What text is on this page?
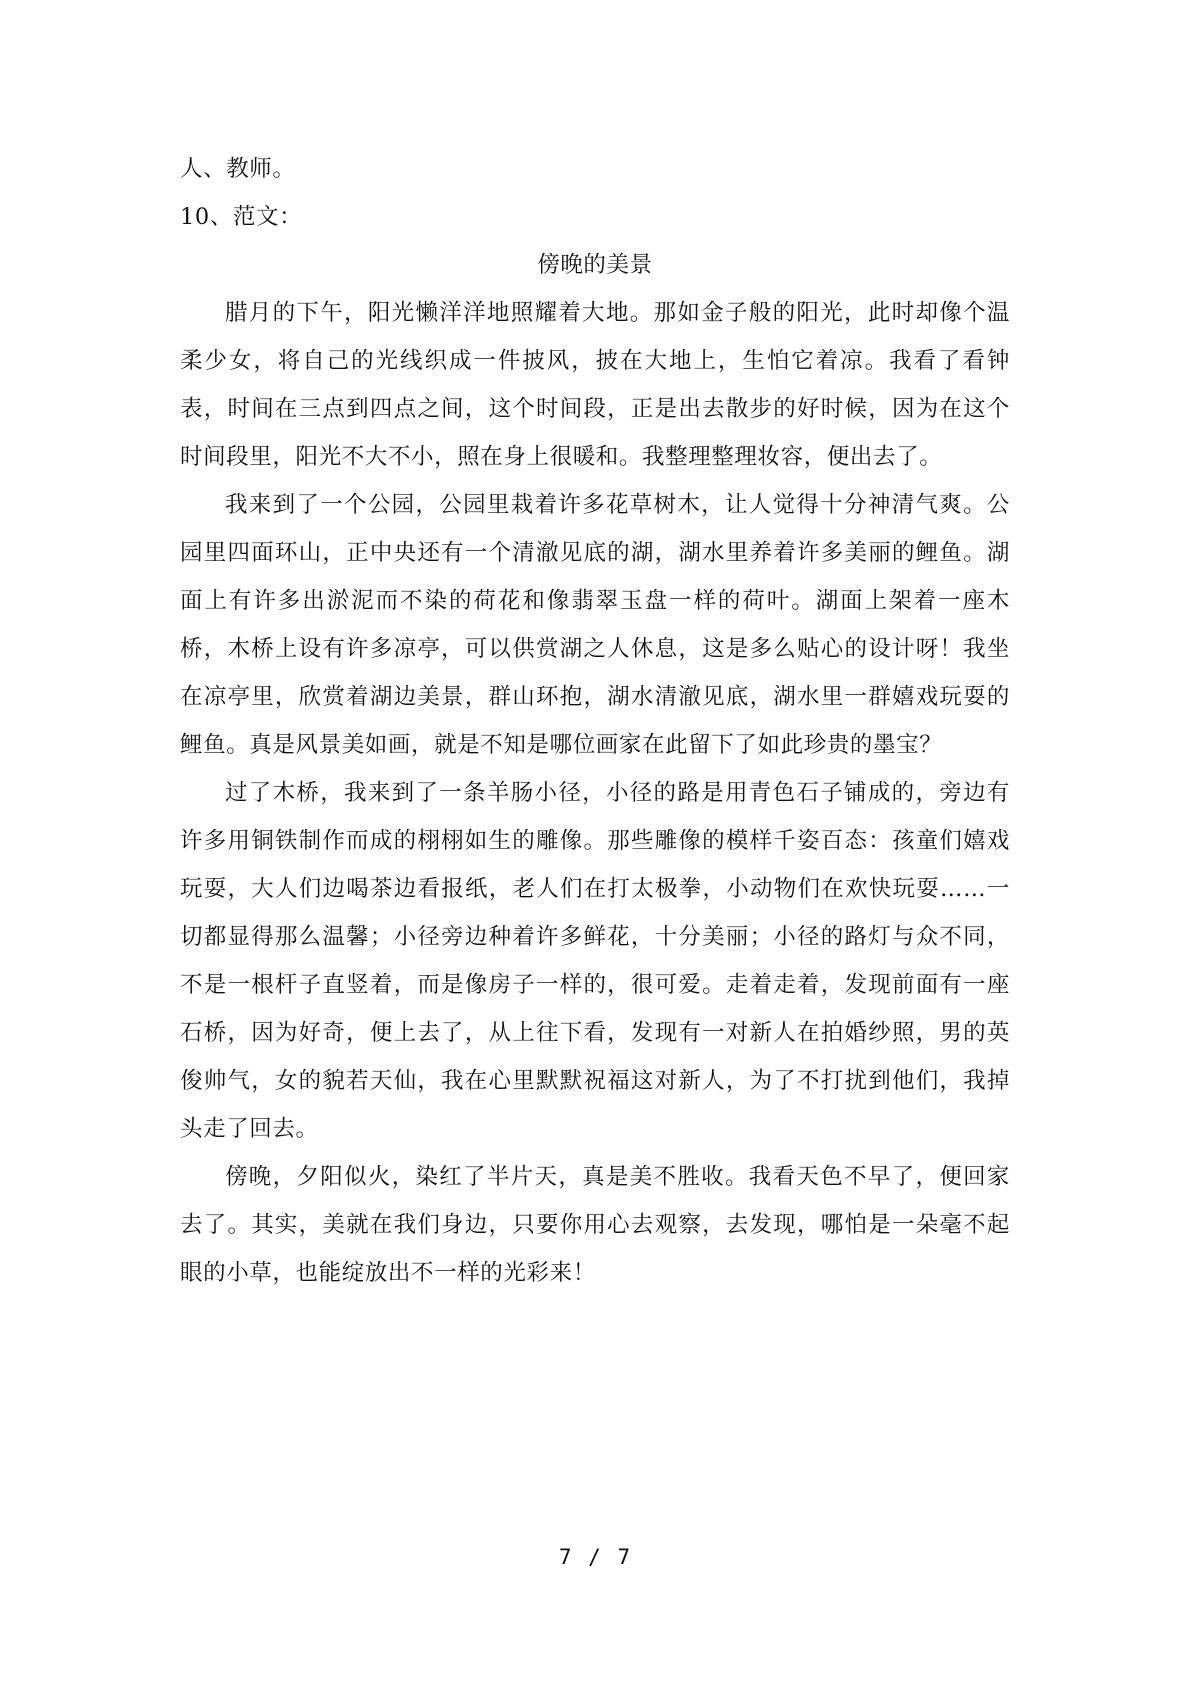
人、教师。

10、范文：

傍晚的美景

腊月的下午，阳光懒洋洋地照耀着大地。那如金子般的阳光，此时却像个温柔少女，将自己的光线织成一件披风，披在大地上，生怕它着凉。我看了看钟表，时间在三点到四点之间，这个时间段，正是出去散步的好时候，因为在这个时间段里，阳光不大不小，照在身上很暖和。我整理整理妆容，便出去了。

我来到了一个公园，公园里栽着许多花草树木，让人觉得十分神清气爽。公园里四面环山，正中央还有一个清澈见底的湖，湖水里养着许多美丽的鲤鱼。湖面上有许多出淤泥而不染的荷花和像翡翠玉盘一样的荷叶。湖面上架着一座木桥，木桥上设有许多凉亭，可以供赏湖之人休息，这是多么贴心的设计呀！我坐在凉亭里，欣赏着湖边美景，群山环抱，湖水清澈见底，湖水里一群嬉戏玩耍的鲤鱼。真是风景美如画，就是不知是哪位画家在此留下了如此珍贵的墨宝？

过了木桥，我来到了一条羊肠小径，小径的路是用青色石子铺成的，旁边有许多用铜铁制作而成的栩栩如生的雕像。那些雕像的模样千姿百态：孩童们嬉戏玩耍，大人们边喝茶边看报纸，老人们在打太极拳，小动物们在欢快玩耍……一切都显得那么温馨；小径旁边种着许多鲜花，十分美丽；小径的路灯与众不同，不是一根杆子直竖着，而是像房子一样的，很可爱。走着走着，发现前面有一座石桥，因为好奇，便上去了，从上往下看，发现有一对新人在拍婚纱照，男的英俊帅气，女的貌若天仙，我在心里默默祝福这对新人，为了不打扰到他们，我掉头走了回去。

傍晚，夕阳似火，染红了半片天，真是美不胜收。我看天色不早了，便回家去了。其实，美就在我们身边，只要你用心去观察，去发现，哪怕是一朵毫不起眼的小草，也能绽放出不一样的光彩来！

7 / 7
